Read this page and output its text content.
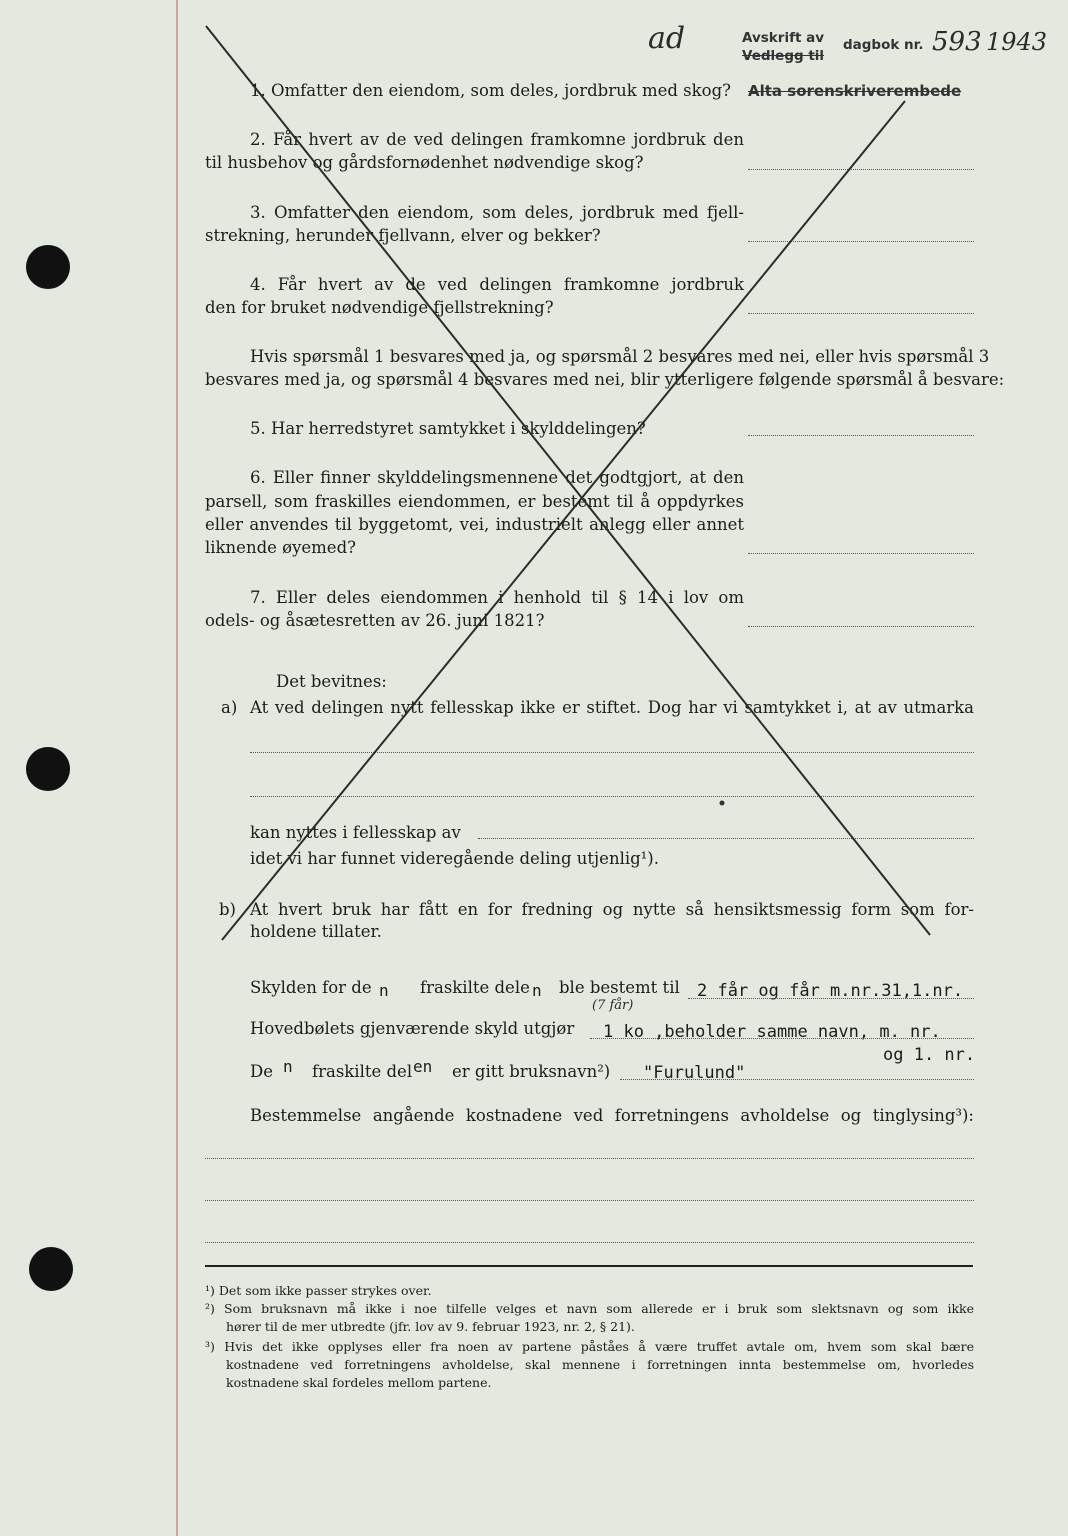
ad	Avskrift av
Vedlegg til
dagbok nr. 593 1943
Alta sorenskriverembede
1. Omfatter den eiendom, som deles, jordbruk med skog?
2. Får hvert av de ved delingen framkomne jordbruk den
til husbehov og gårdsfornødenhet nødvendige skog?
3. Omfatter den eiendom, som deles, jordbruk med fjell-
strekning, herunder fjellvann, elver og bekker?
4. Får hvert av de ved delingen framkomne jordbruk
den for bruket nødvendige fjellstrekning?
Hvis spørsmål 1 besvares med ja, og spørsmål 2 besvares med nei, eller hvis spørsmål 3
besvares med ja, og spørsmål 4 besvares med nei, blir ytterligere følgende spørsmål å besvare:
5. Har herredstyret samtykket i skylddelingen?
6. Eller finner skylddelingsmennene det godtgjort, at den
parsell, som fraskilles eiendommen, er bestemt til å oppdyrkes
eller anvendes til byggetomt, vei, industrielt anlegg eller annet
liknende øyemed?
7. Eller deles eiendommen i henhold til § 14 i lov om
odels- og åsætesretten av 26. juni 1821?
Det bevitnes:
a) At ved delingen nytt fellesskap ikke er stiftet. Dog har vi samtykket i, at av utmarka
kan nyttes i fellesskap av
idet vi har funnet videregående deling utjenlig¹).
b) At hvert bruk har fått en for fredning og nytte så hensiktsmessig form som for-
holdene tillater.
Skylden for de n fraskilte dele n ble bestemt til 2 får og får m.nr.31,1.nr.
(7 får)
Hovedbølets gjenværende skyld utgjør 1 ko ,beholder samme navn, m. nr.
og 1. nr.
De n fraskilte del en er gitt bruksnavn²) "Furulund"
Bestemmelse angående kostnadene ved forretningens avholdelse og tinglysing³):
¹) Det som ikke passer strykes over.
²) Som bruksnavn må ikke i noe tilfelle velges et navn som allerede er i bruk som slektsnavn og som ikke
hører til de mer utbredte (jfr. lov av 9. februar 1923, nr. 2, § 21).
³) Hvis det ikke opplyses eller fra noen av partene påståes å være truffet avtale om, hvem som skal bære
kostnadene ved forretningens avholdelse, skal mennene i forretningen innta bestemmelse om, hvorledes
kostnadene skal fordeles mellom partene.
